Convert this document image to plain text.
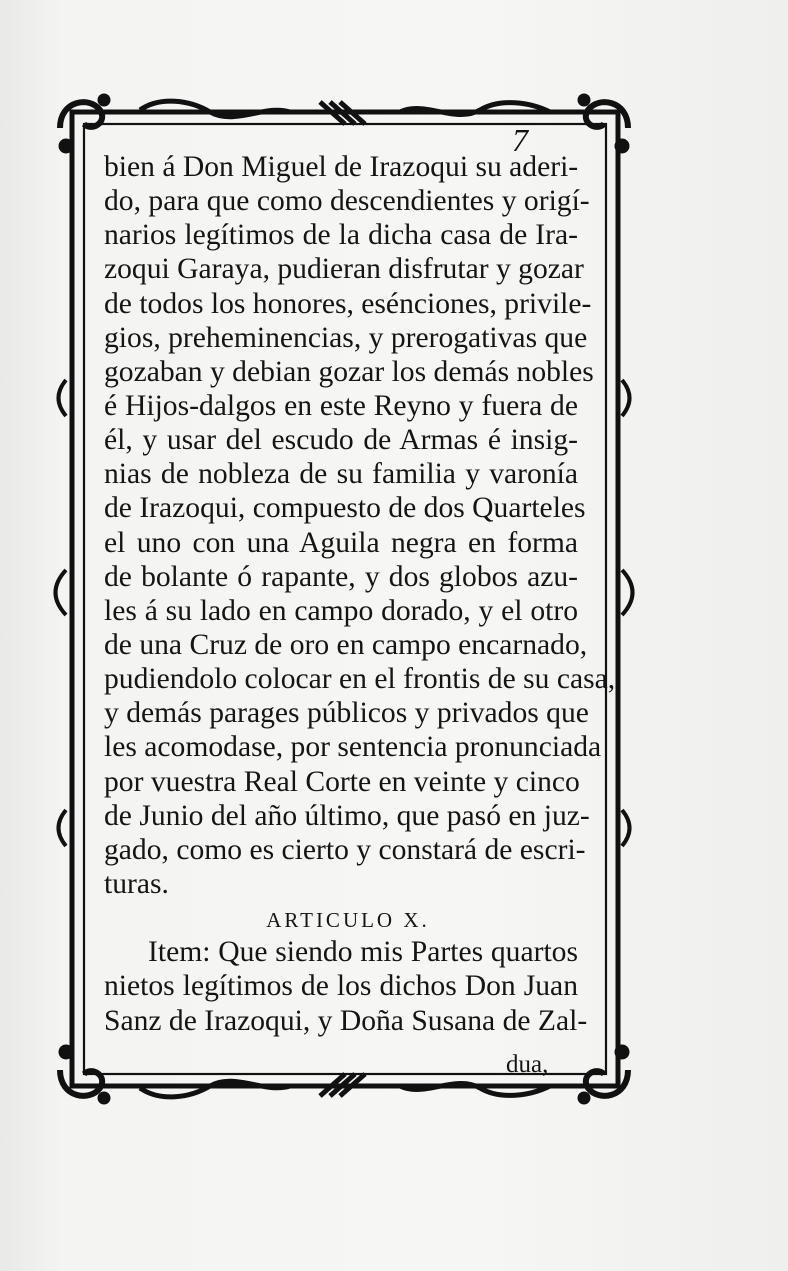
7
bien á Don Miguel de Irazoqui su aderi-
do, para que como descendientes y origí-
narios legítimos de la dicha casa de Ira-
zoqui Garaya, pudieran disfrutar y gozar
de todos los honores, esénciones, privile-
gios, preheminencias, y prerogativas que
gozaban y debian gozar los demás nobles
é Hijos-dalgos en este Reyno y fuera de
él, y usar del escudo de Armas é insig-
nias de nobleza de su familia y varonía
de Irazoqui, compuesto de dos Quarteles
el uno con una Aguila negra en forma
de bolante ó rapante, y dos globos azu-
les á su lado en campo dorado, y el otro
de una Cruz de oro en campo encarnado,
pudiendolo colocar en el frontis de su casa,
y demás parages públicos y privados que
les acomodase, por sentencia pronunciada
por vuestra Real Corte en veinte y cinco
de Junio del año último, que pasó en juz-
gado, como es cierto y constará de escri-
turas.
ARTICULO X.
Item: Que siendo mis Partes quartos
nietos legítimos de los dichos Don Juan
Sanz de Irazoqui, y Doña Susana de Zal-
dua,
